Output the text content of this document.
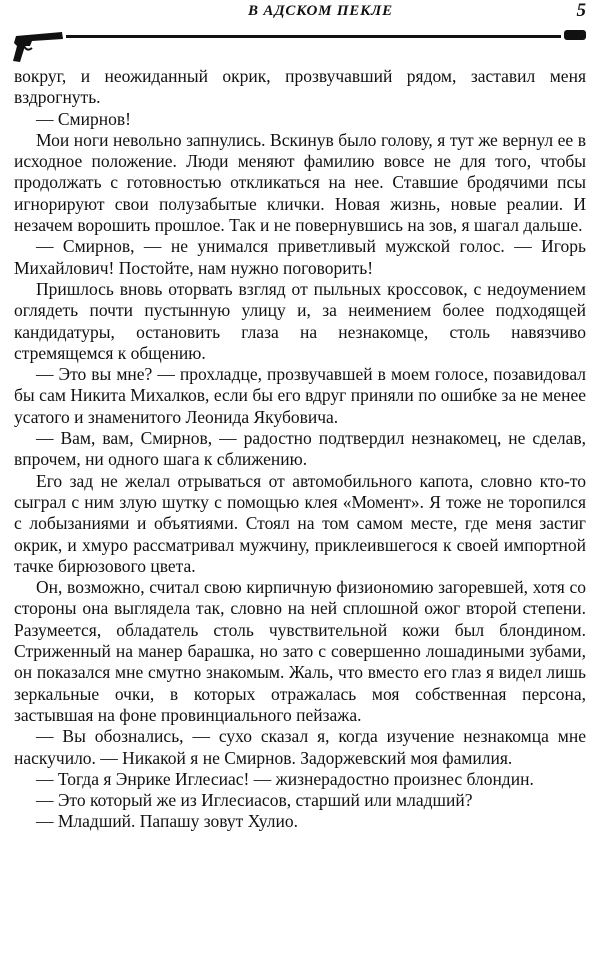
В АДСКОМ ПЕКЛЕ	5

вокруг, и неожиданный окрик, прозвучавший рядом, заставил меня вздрогнуть.

— Смирнов!

Мои ноги невольно запнулись. Вскинув было голову, я тут же вернул ее в исходное положение. Люди меняют фамилию вовсе не для того, чтобы продолжать с готовностью откликаться на нее. Ставшие бродячими псы игнорируют свои полузабытые клички. Новая жизнь, новые реалии. И незачем ворошить прошлое. Так и не повернувшись на зов, я шагал дальше.

— Смирнов, — не унимался приветливый мужской голос. — Игорь Михайлович! Постойте, нам нужно поговорить!

Пришлось вновь оторвать взгляд от пыльных кроссовок, с недоумением оглядеть почти пустынную улицу и, за неимением более подходящей кандидатуры, остановить глаза на незнакомце, столь навязчиво стремящемся к общению.

— Это вы мне? — прохладце, прозвучавшей в моем голосе, позавидовал бы сам Никита Михалков, если бы его вдруг приняли по ошибке за не менее усатого и знаменитого Леонида Якубовича.

— Вам, вам, Смирнов, — радостно подтвердил незнакомец, не сделав, впрочем, ни одного шага к сближению.

Его зад не желал отрываться от автомобильного капота, словно кто-то сыграл с ним злую шутку с помощью клея «Момент». Я тоже не торопился с лобызаниями и объятиями. Стоял на том самом месте, где меня застиг окрик, и хмуро рассматривал мужчину, приклеившегося к своей импортной тачке бирюзового цвета.

Он, возможно, считал свою кирпичную физиономию загоревшей, хотя со стороны она выглядела так, словно на ней сплошной ожог второй степени. Разумеется, обладатель столь чувствительной кожи был блондином. Стриженный на манер барашка, но зато с совершенно лошадиными зубами, он показался мне смутно знакомым. Жаль, что вместо его глаз я видел лишь зеркальные очки, в которых отражалась моя собственная персона, застывшая на фоне провинциального пейзажа.

— Вы обознались, — сухо сказал я, когда изучение незнакомца мне наскучило. — Никакой я не Смирнов. Задоржевский моя фамилия.

— Тогда я Энрике Иглесиас! — жизнерадостно произнес блондин.

— Это который же из Иглесиасов, старший или младший?

— Младший. Папашу зовут Хулио.
